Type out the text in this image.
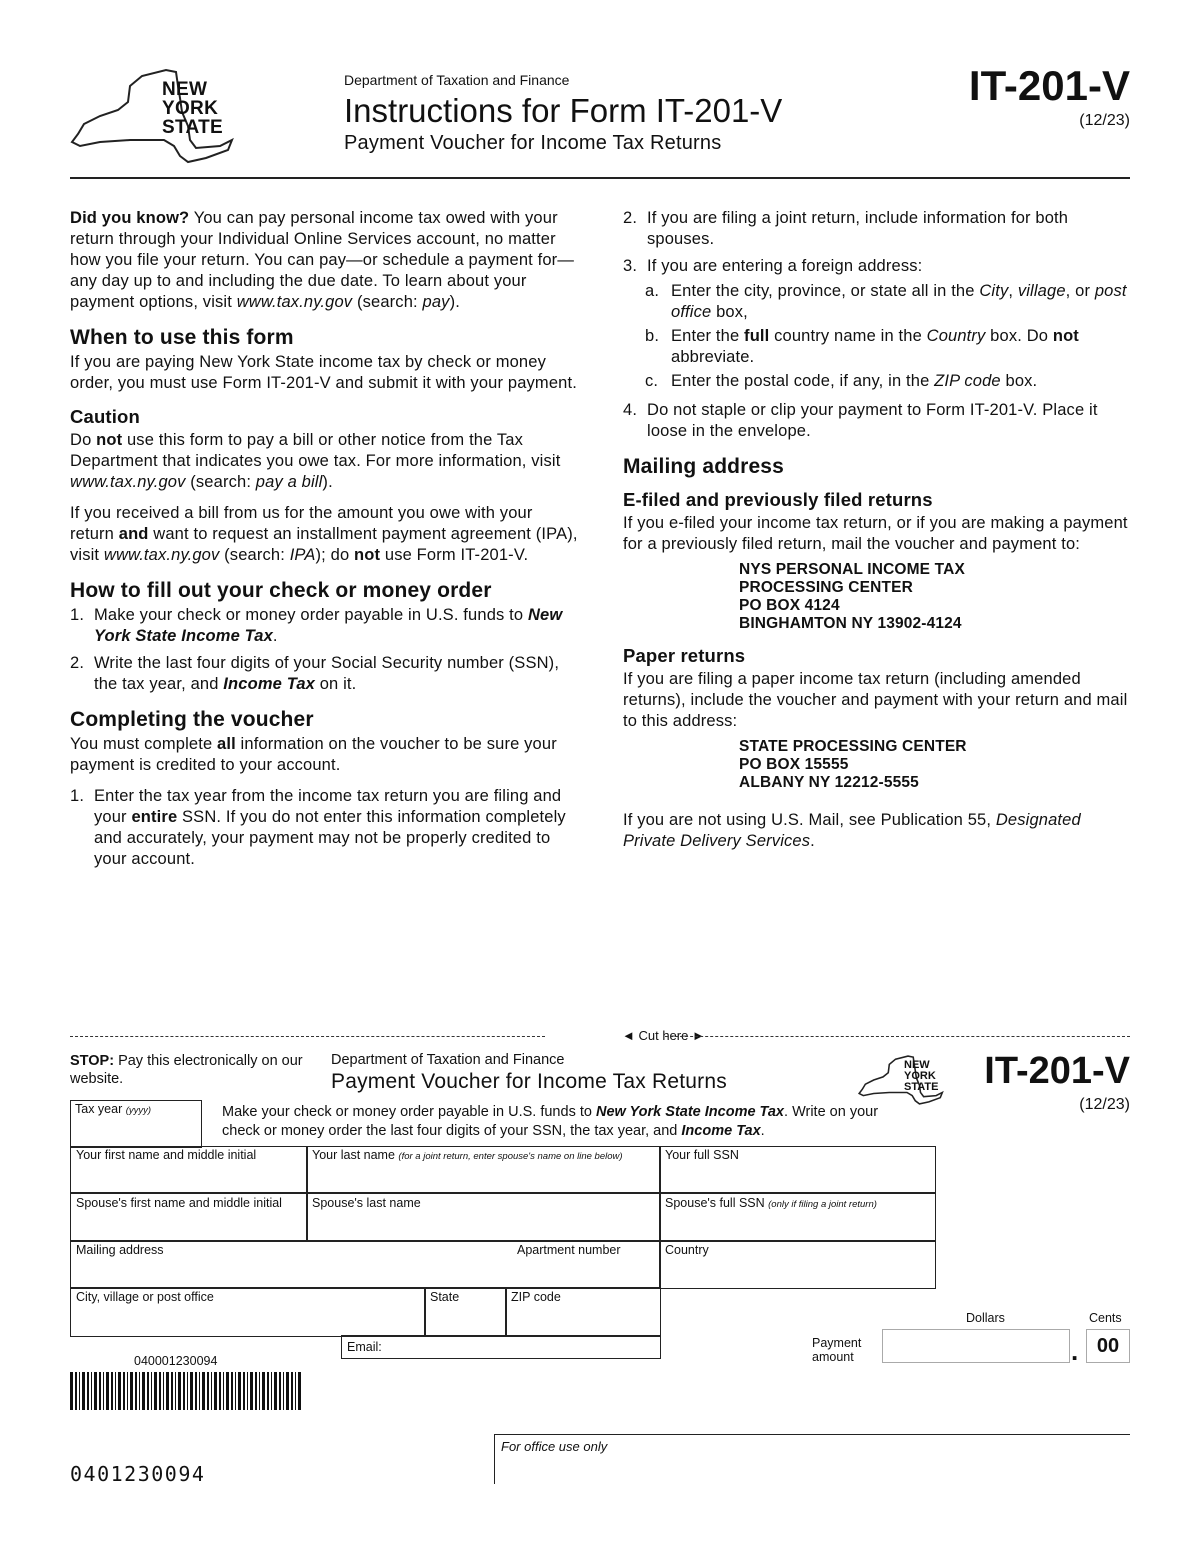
NEW
YORK
STATE
Department of Taxation and Finance
Instructions for Form IT-201-V
Payment Voucher for Income Tax Returns
IT-201-V
(12/23)

Did you know? You can pay personal income tax owed with your return through your Individual Online Services account, no matter how you file your return. You can pay—or schedule a payment for—any day up to and including the due date. To learn about your payment options, visit www.tax.ny.gov (search: pay).

When to use this form

If you are paying New York State income tax by check or money order, you must use Form IT-201-V and submit it with your payment.

Caution

Do not use this form to pay a bill or other notice from the Tax Department that indicates you owe tax. For more information, visit www.tax.ny.gov (search: pay a bill).

If you received a bill from us for the amount you owe with your return and want to request an installment payment agreement (IPA), visit www.tax.ny.gov (search: IPA); do not use Form IT-201-V.

How to fill out your check or money order
1. Make your check or money order payable in U.S. funds to New York State Income Tax.
2. Write the last four digits of your Social Security number (SSN), the tax year, and Income Tax on it.
Completing the voucher

You must complete all information on the voucher to be sure your payment is credited to your account.

1. Enter the tax year from the income tax return you are filing and your entire SSN. If you do not enter this information completely and accurately, your payment may not be properly credited to your account.
2. If you are filing a joint return, include information for both spouses.
3. If you are entering a foreign address:
a. Enter the city, province, or state all in the City, village, or post office box,
b. Enter the full country name in the Country box. Do not abbreviate.
c. Enter the postal code, if any, in the ZIP code box.
4. Do not staple or clip your payment to Form IT-201-V. Place it loose in the envelope.
Mailing address
E-filed and previously filed returns

If you e-filed your income tax return, or if you are making a payment for a previously filed return, mail the voucher and payment to:

NYS PERSONAL INCOME TAX
PROCESSING CENTER
PO BOX 4124
BINGHAMTON NY 13902-4124
Paper returns

If you are filing a paper income tax return (including amended returns), include the voucher and payment with your return and mail to this address:

STATE PROCESSING CENTER
PO BOX 15555
ALBANY NY 12212-5555

If you are not using U.S. Mail, see Publication 55, Designated Private Delivery Services.

◄ Cut here ►
STOP: Pay this electronically on our website.
Department of Taxation and Finance
Payment Voucher for Income Tax Returns
NEW
YORK
STATE IT-201-V
(12/23)
Tax year (yyyy)	Make your check or money order payable in U.S. funds to New York State Income Tax. Write on your check or money order the last four digits of your SSN, the tax year, and Income Tax.
Your first name and middle initial	Your last name (for a joint return, enter spouse's name on line below)	Your full SSN
Spouse's first name and middle initial Spouse's last name	Spouse's full SSN (only if filing a joint return)
Mailing address	Apartment number	Country
City, village or post office	State	ZIP code
Email:
Dollars	Cents
Payment
amount	. 00
040001230094
0401230094
For office use only
